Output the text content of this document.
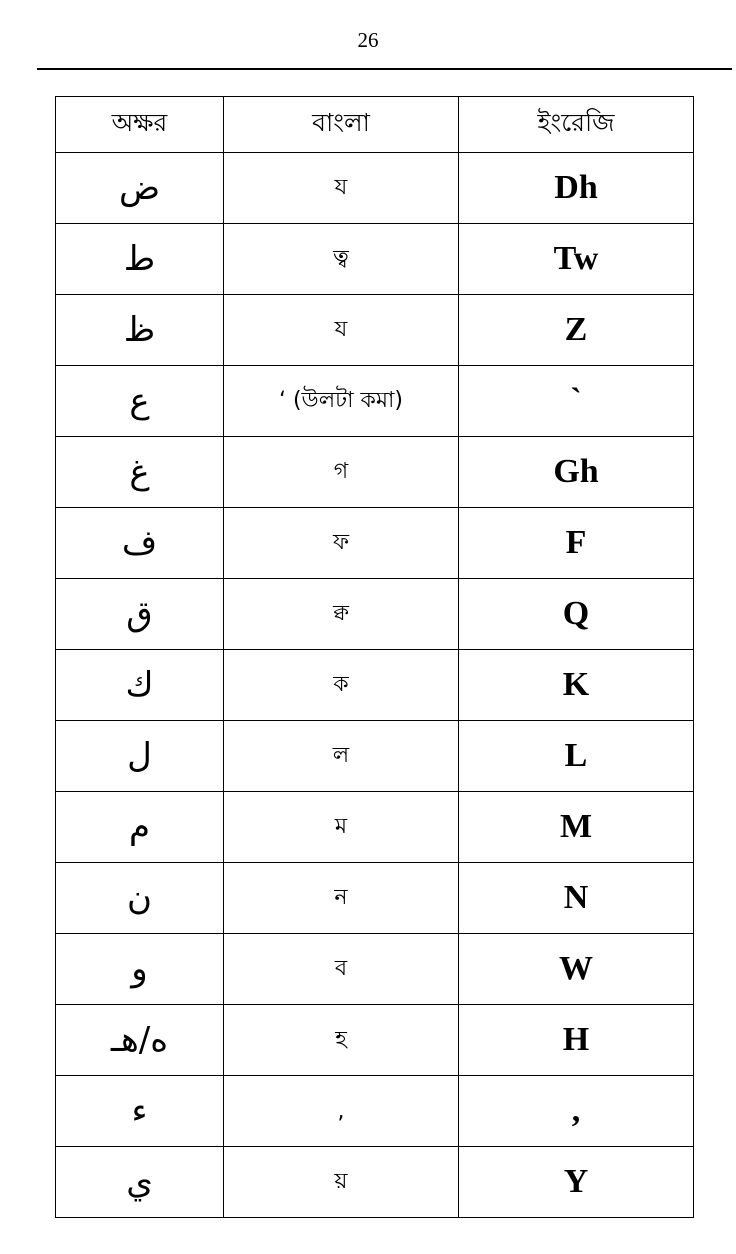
26
অক্ষর	বাংলা	ইংরেজি
ض	য	Dh
ط	ত্ব	Tw
ظ	য	Z
ع	‘ (উলটা কমা)	`
غ	গ	Gh
ف	ফ	F
ق	ক্ব	Q
ك	ক	K
ل	ল	L
م	ম	M
ن	ন	N
و	ব	W
ه/ﻫـ	হ	H
ء	,	,
ي	য়	Y
